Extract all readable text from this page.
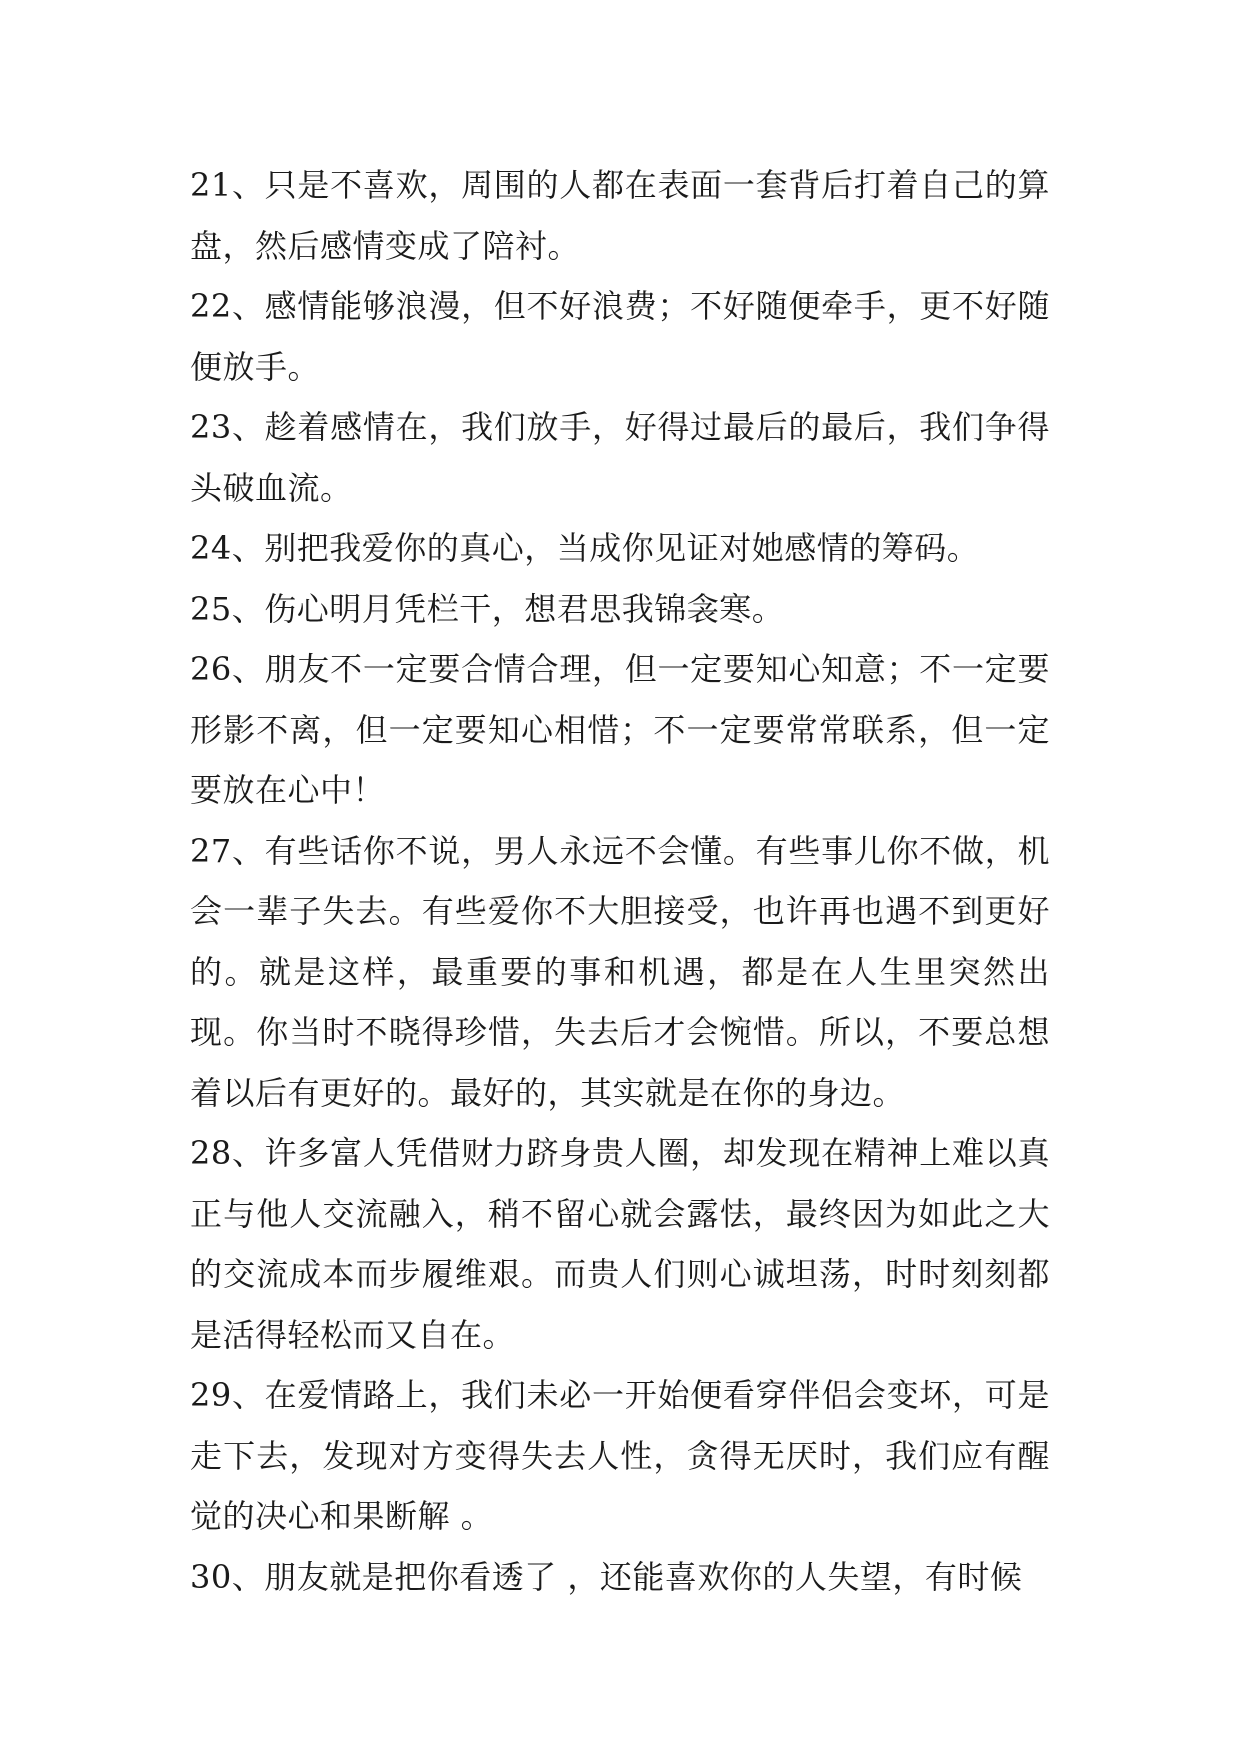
21、只是不喜欢，周围的人都在表面一套背后打着自己的算盘，然后感情变成了陪衬。

22、感情能够浪漫，但不好浪费；不好随便牵手，更不好随便放手。

23、趁着感情在，我们放手，好得过最后的最后，我们争得头破血流。

24、别把我爱你的真心，当成你见证对她感情的筹码。

25、伤心明月凭栏干，想君思我锦衾寒。

26、朋友不一定要合情合理，但一定要知心知意；不一定要形影不离，但一定要知心相惜；不一定要常常联系，但一定要放在心中！

27、有些话你不说，男人永远不会懂。有些事儿你不做，机会一辈子失去。有些爱你不大胆接受，也许再也遇不到更好的。就是这样，最重要的事和机遇，都是在人生里突然出现。你当时不晓得珍惜，失去后才会惋惜。所以，不要总想着以后有更好的。最好的，其实就是在你的身边。

28、许多富人凭借财力跻身贵人圈，却发现在精神上难以真正与他人交流融入，稍不留心就会露怯，最终因为如此之大的交流成本而步履维艰。而贵人们则心诚坦荡，时时刻刻都是活得轻松而又自在。

29、在爱情路上，我们未必一开始便看穿伴侣会变坏，可是走下去，发现对方变得失去人性，贪得无厌时，我们应有醒觉的决心和果断解 。

30、朋友就是把你看透了 ，还能喜欢你的人失望，有时候
